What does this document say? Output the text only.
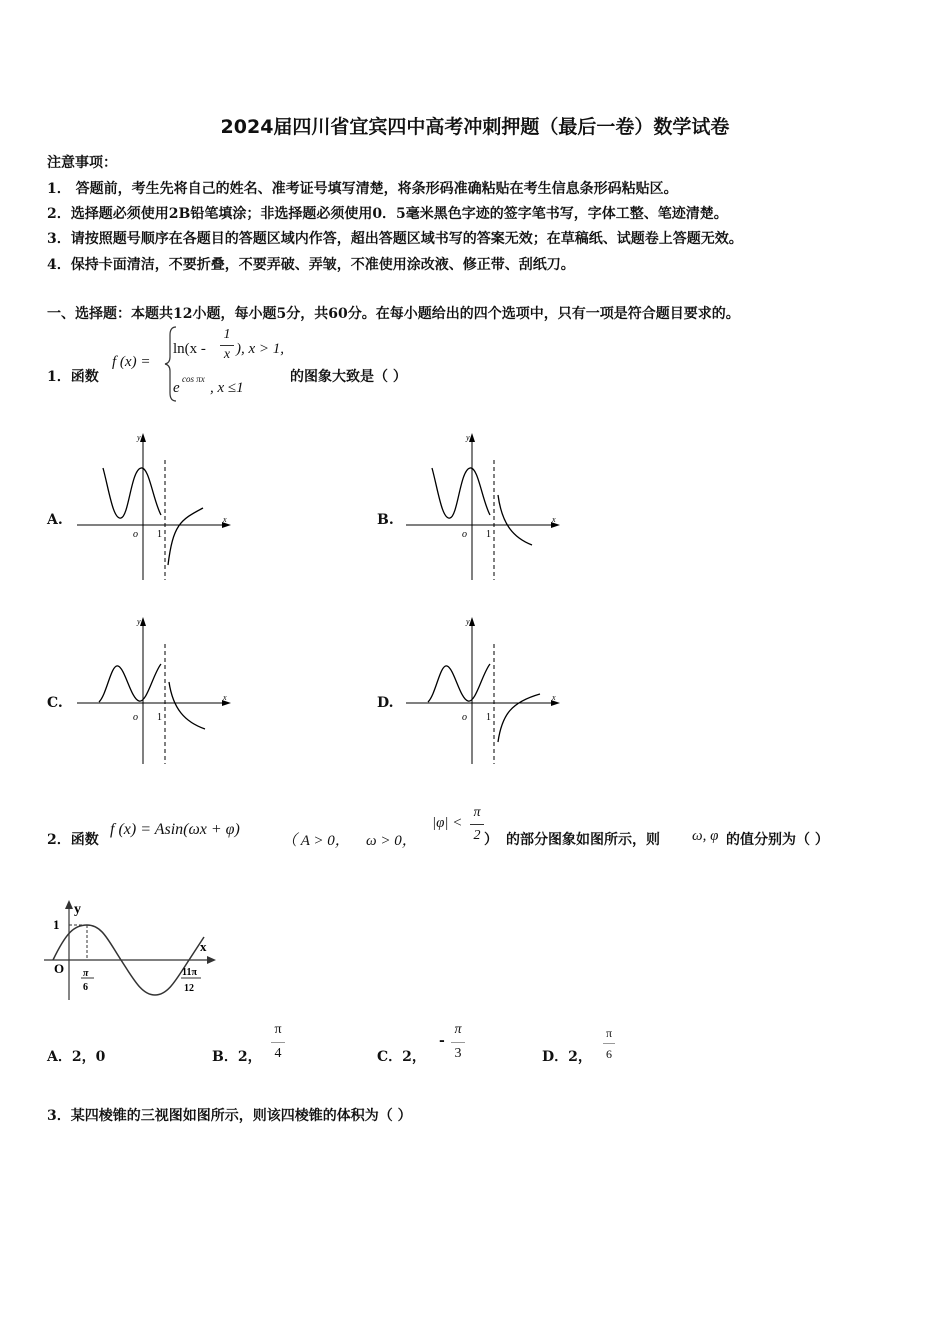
2024届四川省宜宾四中高考冲刺押题（最后一卷）数学试卷
注意事项：
1． 答题前，考生先将自己的姓名、准考证号填写清楚，将条形码准确粘贴在考生信息条形码粘贴区。
2．选择题必须使用2B铅笔填涂；非选择题必须使用0．5毫米黑色字迹的签字笔书写，字体工整、笔迹清楚。
3．请按照题号顺序在各题目的答题区域内作答，超出答题区域书写的答案无效；在草稿纸、试题卷上答题无效。
4．保持卡面清洁，不要折叠，不要弄破、弄皱，不准使用涂改液、修正带、刮纸刀。
一、选择题：本题共12小题，每小题5分，共60分。在每小题给出的四个选项中，只有一项是符合题目要求的。
1．函数
f (x) =
ln(x -
1
x ), x > 1,
e
cos πx
, x ≤1
的图象大致是（ ）
A.
y
x
o 1
B.
y
x
o 1
C.
y
x
o 1
D.
y
x
o 1
2．函数
f (x) = Asin(ωx + φ)
（ A > 0， ω > 0，
|φ| <
π
2 ） 的部分图象如图所示，则 ω, φ 的值分别为（ ）
y
x
O
1
π
6
11π
12
A．2，0	B．2，
π
4	C．2，
-
π
3	D．2，
π
6
3．某四棱锥的三视图如图所示，则该四棱锥的体积为（ ）
